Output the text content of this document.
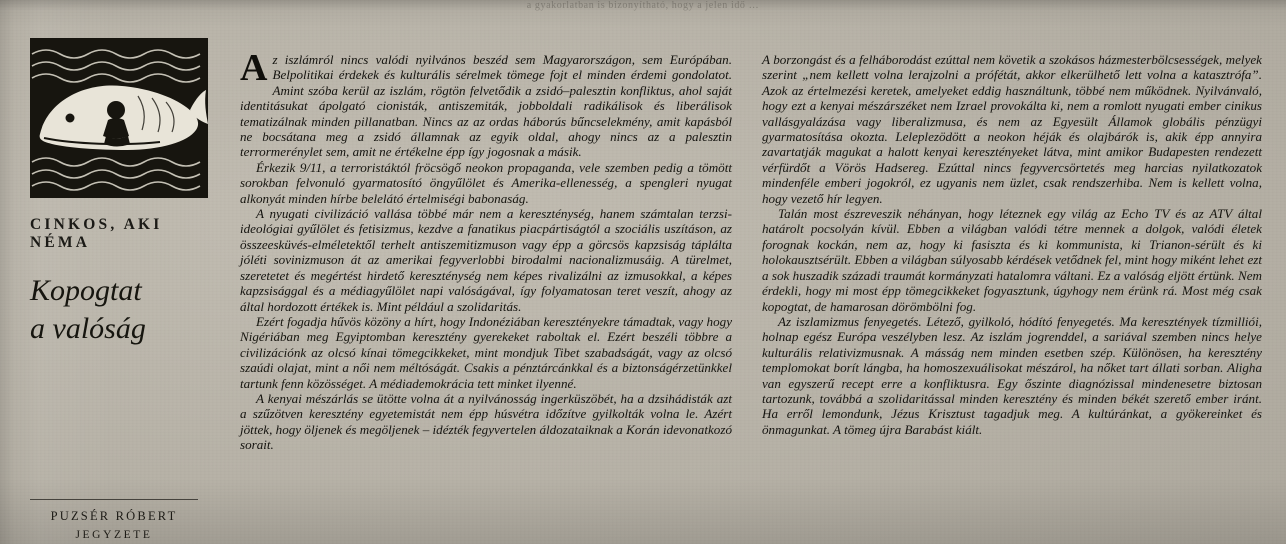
a gyakorlatban is bizonyítható, hogy a jelen idő …
CINKOS, AKI NÉMA
Kopogtat
a valóság
PUZSÉR RÓBERT
JEGYZETE

Az iszlámról nincs valódi nyilvános beszéd sem Magyarországon, sem Európában. Belpolitikai érdekek és kulturális sérelmek tömege fojt el minden érdemi gondolatot. Amint szóba kerül az iszlám, rögtön felvetődik a zsidó–palesztin konfliktus, ahol saját identitásukat ápolgató cionisták, antiszemiták, jobboldali radikálisok és liberálisok tematizálnak minden pillanatban. Nincs az az ordas háborús bűncselekmény, amit kapásból ne bocsátana meg a zsidó államnak az egyik oldal, ahogy nincs az a palesztin terrormerénylet sem, amit ne értékelne épp így jogosnak a másik.

Érkezik 9/11, a terroristáktól fröcsögő neokon propaganda, vele szemben pedig a tömött sorokban felvonuló gyarmatosító öngyűlölet és Amerika-ellenesség, a spengleri nyugat alkonyát minden hírbe belelátó értelmiségi babonaság.

A nyugati civilizáció vallása többé már nem a kereszténység, hanem számtalan terzsi-ideológiai gyűlölet és fetisizmus, kezdve a fanatikus piacpártiságtól a szociális uszításon, az összeesküvés-elméletektől terhelt antiszemitizmuson vagy épp a görcsös kapzsiság táplálta jóléti sovinizmuson át az amerikai fegyverlobbi birodalmi nacionalizmusáig. A türelmet, szeretetet és megértést hirdető kereszténység nem képes rivalizálni az izmusokkal, a képes kapzsisággal és a médiagyűlölet napi valóságával, így folyamatosan teret veszít, ahogy az által hordozott értékek is. Mint például a szolidaritás.

Ezért fogadja hűvös közöny a hírt, hogy Indonéziában keresztényekre támadtak, vagy hogy Nigériában meg Egyiptomban keresztény gyerekeket raboltak el. Ezért beszéli többre a civilizációnk az olcsó kínai tömegcikkeket, mint mondjuk Tibet szabadságát, vagy az olcsó szaúdi olajat, mint a női nem méltóságát. Csakis a pénztárcánkkal és a biztonságérzetünkkel tartunk fenn közösséget. A médiademokrácia tett minket ilyenné.

A kenyai mészárlás se ütötte volna át a nyilvánosság ingerküszöbét, ha a dzsihádisták azt a szűzötven keresztény egyetemistát nem épp húsvétra időzítve gyilkolták volna le. Azért jöttek, hogy öljenek és megöljenek – idézték fegyvertelen áldozataiknak a Korán idevonatkozó sorait.

A borzongást és a felháborodást ezúttal nem követik a szokásos házmesterbölcsességek, melyek szerint „nem kellett volna lerajzolni a prófétát, akkor elkerülhető lett volna a katasztrófa”. Azok az értelmezési keretek, amelyeket eddig használtunk, többé nem működnek. Nyilvánvaló, hogy ezt a kenyai mészárszéket nem Izrael provokálta ki, nem a romlott nyugati ember cinikus vallásgyalázása vagy liberalizmusa, és nem az Egyesült Államok globális pénzügyi gyarmatosítása okozta. Leleplezödött a neokon héják és olajbárók is, akik épp annyira zavartatják magukat a halott kenyai keresztényeket látva, mint amikor Budapesten rendezett vérfürdőt a Vörös Hadsereg. Ezúttal nincs fegyvercsörtetés meg harcias nyilatkozatok mindenféle emberi jogokról, ez ugyanis nem üzlet, csak rendszerhiba. Nem is kellett volna, hogy vezető hír legyen.

Talán most észreveszik néhányan, hogy léteznek egy világ az Echo TV és az ATV által határolt pocsolyán kívül. Ebben a világban valódi tétre mennek a dolgok, valódi életek forognak kockán, nem az, hogy ki fasiszta és ki kommunista, ki Trianon-sérült és ki holokausztsérült. Ebben a világban súlyosabb kérdések vetődnek fel, mint hogy miként lehet ezt a sok huszadik századi traumát kormányzati hatalomra váltani. Ez a valóság eljött értünk. Nem érdekli, hogy mi most épp tömegcikkeket fogyasztunk, úgyhogy nem érünk rá. Most még csak kopogtat, de hamarosan dörömbölni fog.

Az iszlamizmus fenyegetés. Létező, gyilkoló, hódító fenyegetés. Ma keresztények tízmilliói, holnap egész Európa veszélyben lesz. Az iszlám jogrenddel, a sariával szemben nincs helye kulturális relativizmusnak. A másság nem minden esetben szép. Különösen, ha keresztény templomokat borít lángba, ha homoszexuálisokat mészárol, ha nőket tart állati sorban. Aligha van egyszerű recept erre a konfliktusra. Egy őszinte diagnózissal mindenesetre biztosan tartozunk, továbbá a szolidaritással minden keresztény és minden békét szerető ember iránt. Ha erről lemondunk, Jézus Krisztust tagadjuk meg. A kultúránkat, a gyökereinket és önmagunkat. A tömeg újra Barabást kiált.
